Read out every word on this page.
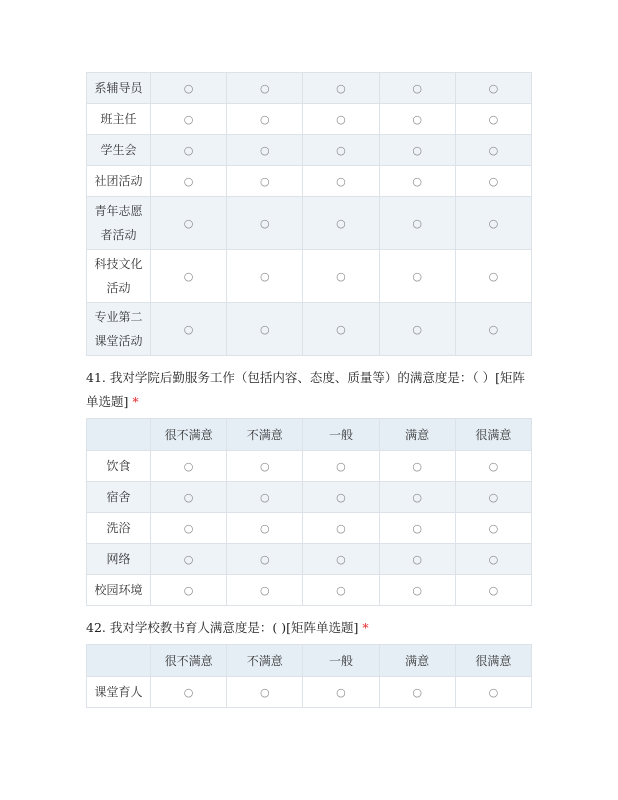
系辅导员	○	○	○	○	○
班主任	○	○	○	○	○
学生会	○	○	○	○	○
社团活动	○	○	○	○	○
青年志愿者活动	○	○	○	○	○
科技文化活动	○	○	○	○	○
专业第二课堂活动	○	○	○	○	○

41. 我对学院后勤服务工作（包括内容、态度、质量等）的满意度是：（ ）[矩阵单选题] *

	很不满意	不满意	一般	满意	很满意
饮食	○	○	○	○	○
宿舍	○	○	○	○	○
洗浴	○	○	○	○	○
网络	○	○	○	○	○
校园环境	○	○	○	○	○

42. 我对学校教书育人满意度是：( )[矩阵单选题] *

	很不满意	不满意	一般	满意	很满意
课堂育人	○	○	○	○	○
